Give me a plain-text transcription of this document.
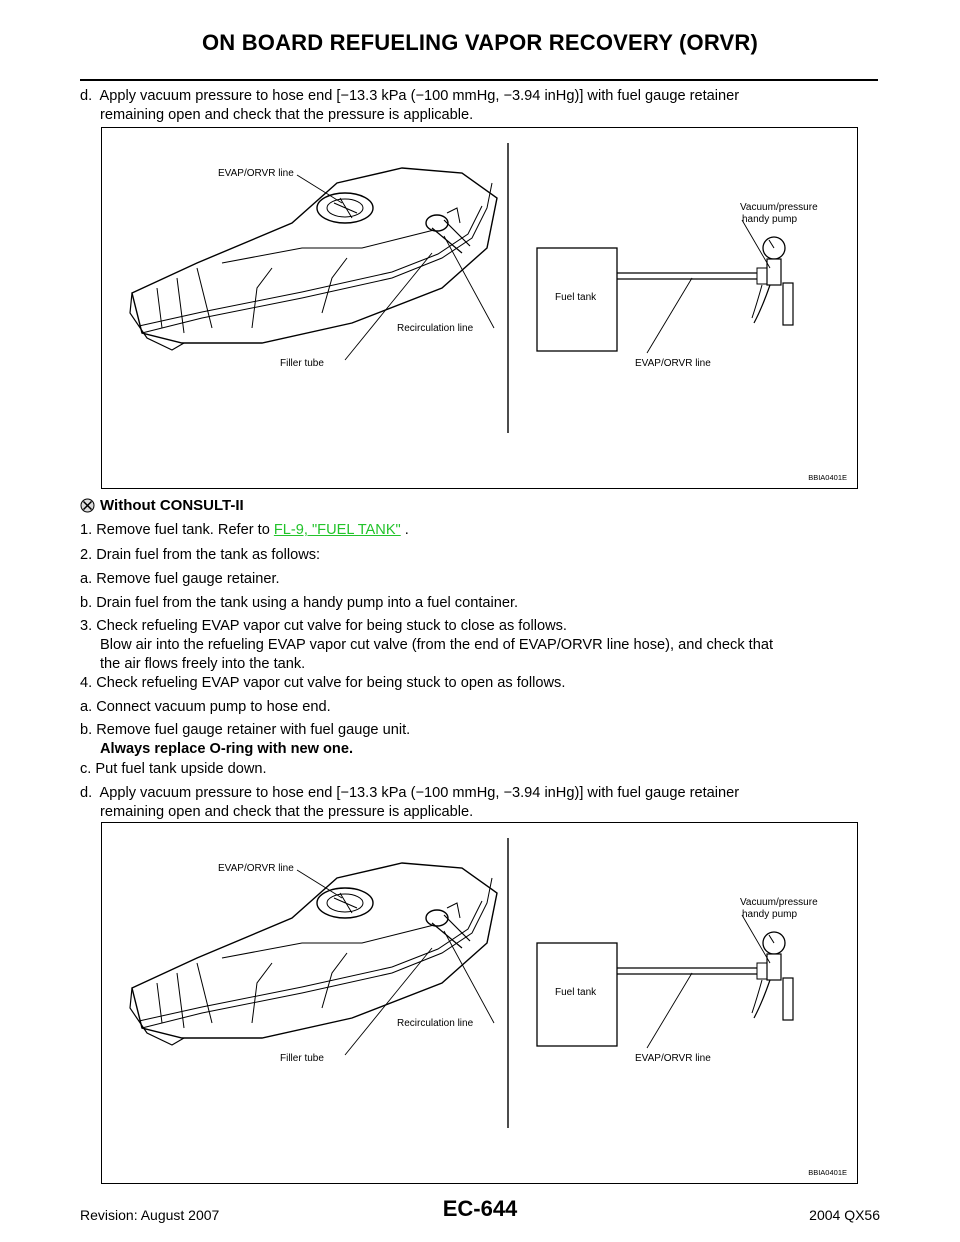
ON BOARD REFUELING VAPOR RECOVERY (ORVR)
d. Apply vacuum pressure to hose end [−13.3 kPa (−100 mmHg, −3.94 inHg)] with fuel gauge retainer
remaining open and check that the pressure is applicable.
EVAP/ORVR line
Recirculation line
Filler tube
Vacuum/pressure
handy pump
Fuel tank
EVAP/ORVR line
BBIA0401E
Without CONSULT-II
1. Remove fuel tank. Refer to FL-9, "FUEL TANK" .
2. Drain fuel from the tank as follows:
a. Remove fuel gauge retainer.
b. Drain fuel from the tank using a handy pump into a fuel container.
3. Check refueling EVAP vapor cut valve for being stuck to close as follows.
Blow air into the refueling EVAP vapor cut valve (from the end of EVAP/ORVR line hose), and check that
the air flows freely into the tank.
4. Check refueling EVAP vapor cut valve for being stuck to open as follows.
a. Connect vacuum pump to hose end.
b. Remove fuel gauge retainer with fuel gauge unit.
Always replace O-ring with new one.
c. Put fuel tank upside down.
d. Apply vacuum pressure to hose end [−13.3 kPa (−100 mmHg, −3.94 inHg)] with fuel gauge retainer
remaining open and check that the pressure is applicable.
EVAP/ORVR line
Recirculation line
Filler tube
Vacuum/pressure
handy pump
Fuel tank
EVAP/ORVR line
BBIA0401E
Revision: August 2007	EC-644	2004 QX56
